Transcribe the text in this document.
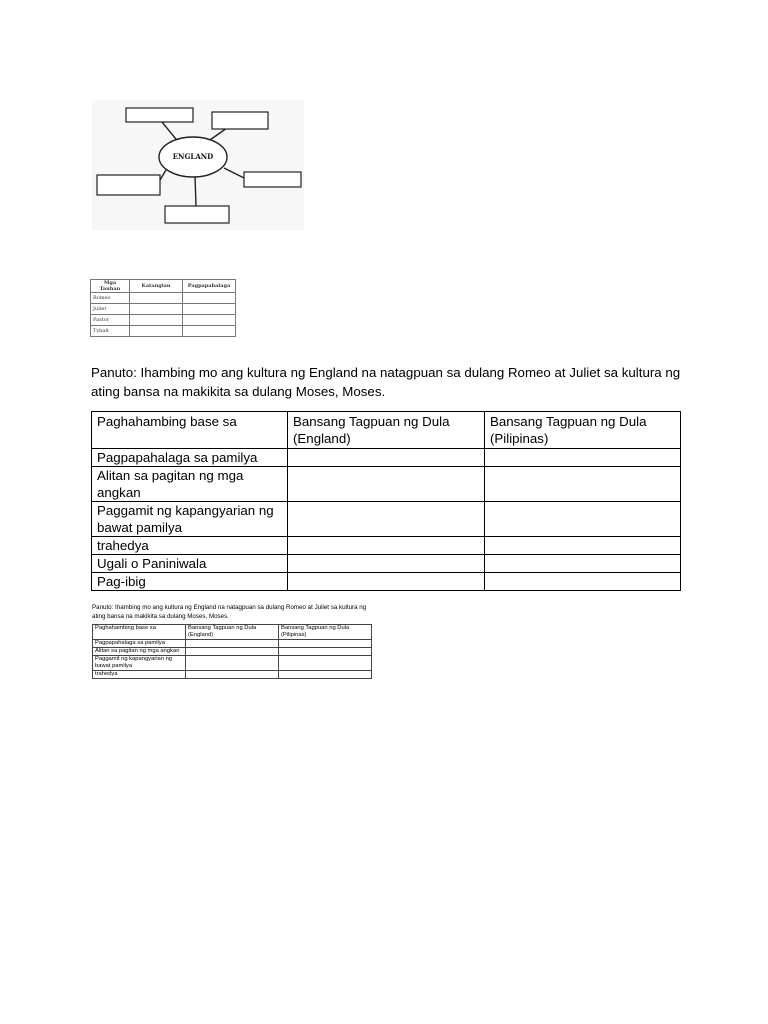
ENGLAND
Mga Tauhan	Katangian	Pagpapahalaga
Romeo		
Juliet		
Pastor		
Tybalt		
Panuto: Ihambing mo ang kultura ng England na natagpuan sa dulang Romeo at Juliet sa kultura ng ating bansa na makikita sa dulang Moses, Moses.
Paghahambing base sa	Bansang Tagpuan ng Dula (England)	Bansang Tagpuan ng Dula (Pilipinas)
Pagpapahalaga sa pamilya		
Alitan sa pagitan ng mga angkan		
Paggamit ng kapangyarian ng bawat pamilya		
trahedya		
Ugali o Paniniwala		
Pag-ibig		
Panuto: Ihambing mo ang kultura ng England na natagpuan sa dulang Romeo at Juliet sa kultura ng ating bansa na makikita sa dulang Moses, Moses.
Paghahambing base sa	Bansang Tagpuan ng Dula (England)	Bansang Tagpuan ng Dula (Pilipinas)
Pagpapahalaga sa pamilya		
Alitan sa pagitan ng mga angkan		
Paggamit ng kapangyarian ng bawat pamilya		
trahedya		
